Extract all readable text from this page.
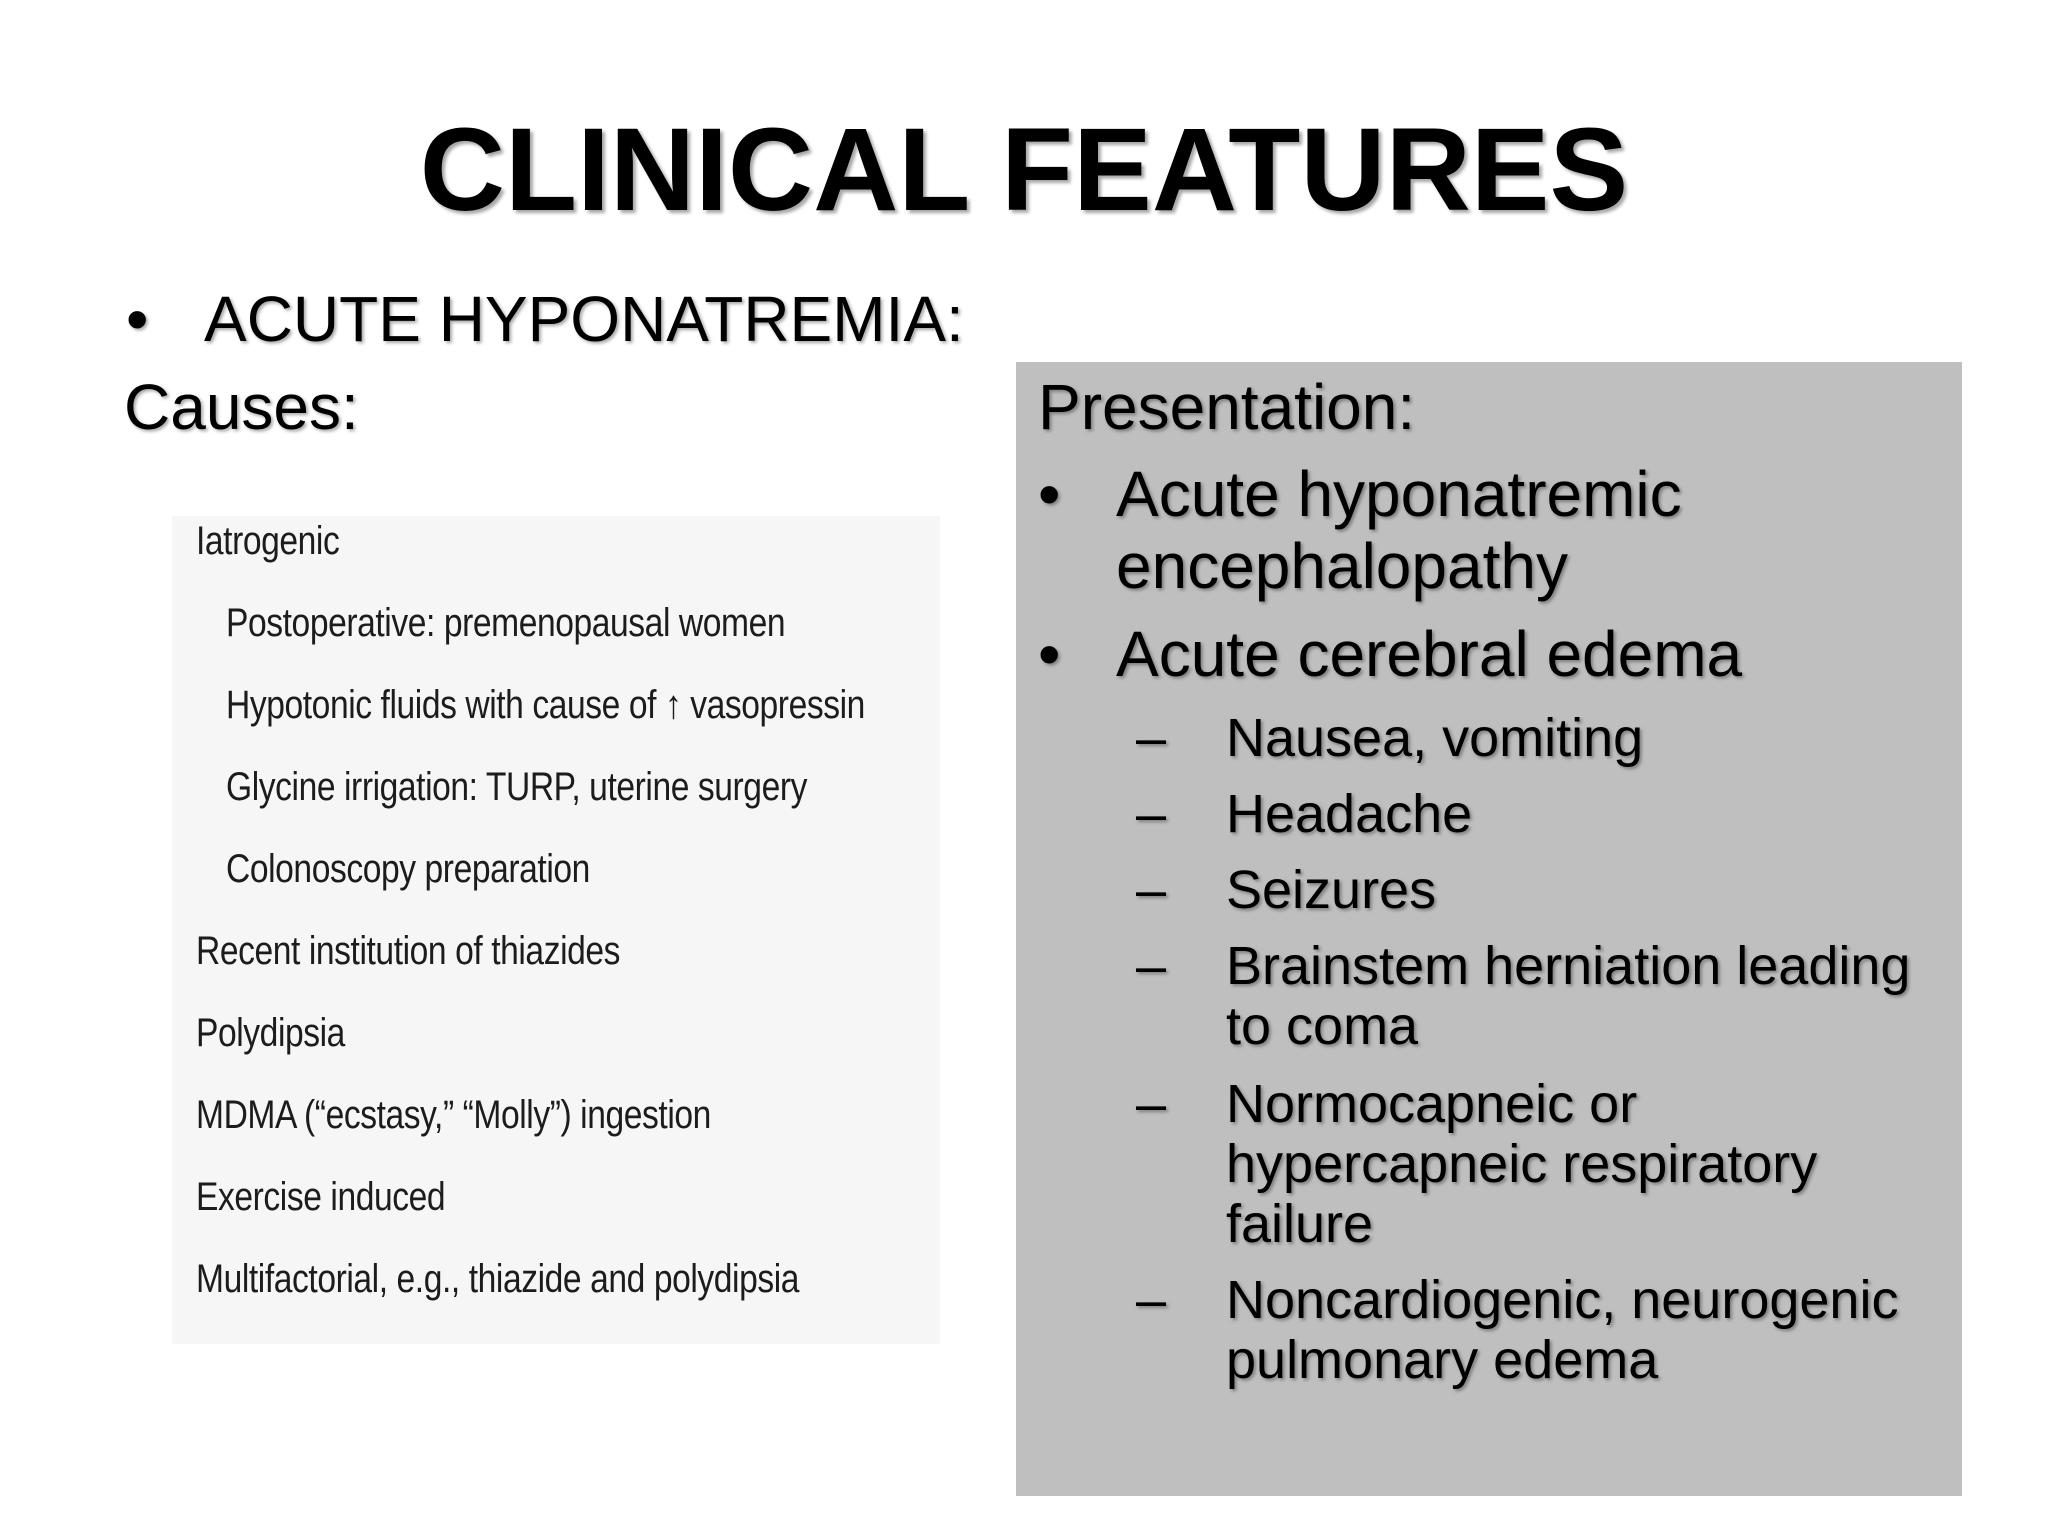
CLINICAL FEATURES
• ACUTE HYPONATREMIA:
Causes:
Iatrogenic
Postoperative: premenopausal women
Hypotonic fluids with cause of ↑ vasopressin
Glycine irrigation: TURP, uterine surgery
Colonoscopy preparation
Recent institution of thiazides
Polydipsia
MDMA (“ecstasy,” “Molly”) ingestion
Exercise induced
Multifactorial, e.g., thiazide and polydipsia
Presentation:
• Acute hyponatremic encephalopathy
• Acute cerebral edema
– Nausea, vomiting
– Headache
– Seizures
– Brainstem herniation leading to coma
– Normocapneic or hypercapneic respiratory failure
– Noncardiogenic, neurogenic pulmonary edema
